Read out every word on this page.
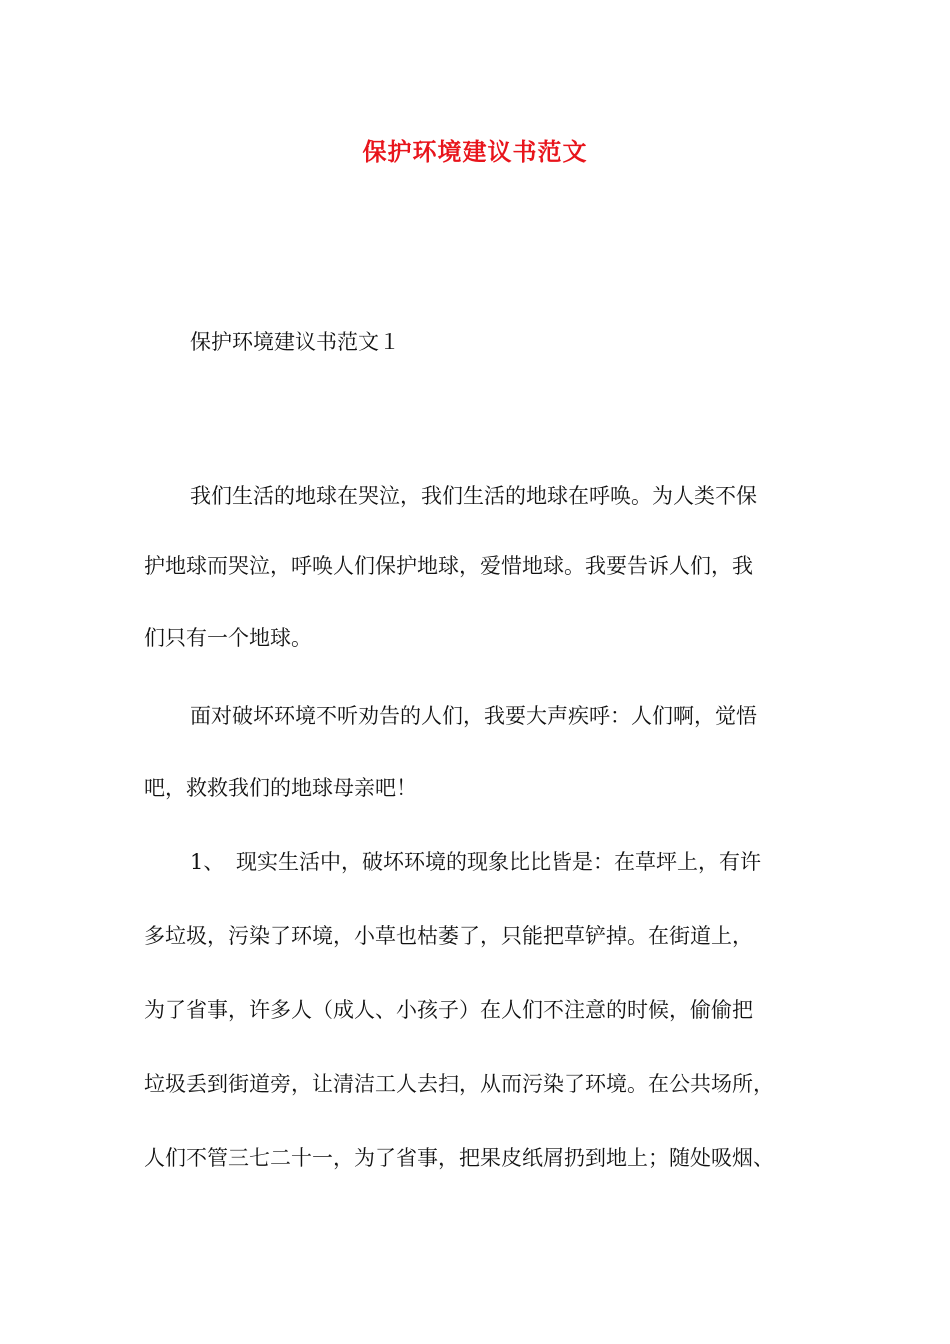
保护环境建议书范文
保护环境建议书范文１
我们生活的地球在哭泣，我们生活的地球在呼唤。为人类不保
护地球而哭泣，呼唤人们保护地球，爱惜地球。我要告诉人们，我
们只有一个地球。
面对破坏环境不听劝告的人们，我要大声疾呼：人们啊，觉悟
吧，救救我们的地球母亲吧！
1、 现实生活中，破坏环境的现象比比皆是：在草坪上，有许
多垃圾，污染了环境，小草也枯萎了，只能把草铲掉。在街道上，
为了省事，许多人（成人、小孩子）在人们不注意的时候，偷偷把
垃圾丢到街道旁，让清洁工人去扫，从而污染了环境。在公共场所，
人们不管三七二十一，为了省事，把果皮纸屑扔到地上；随处吸烟、
